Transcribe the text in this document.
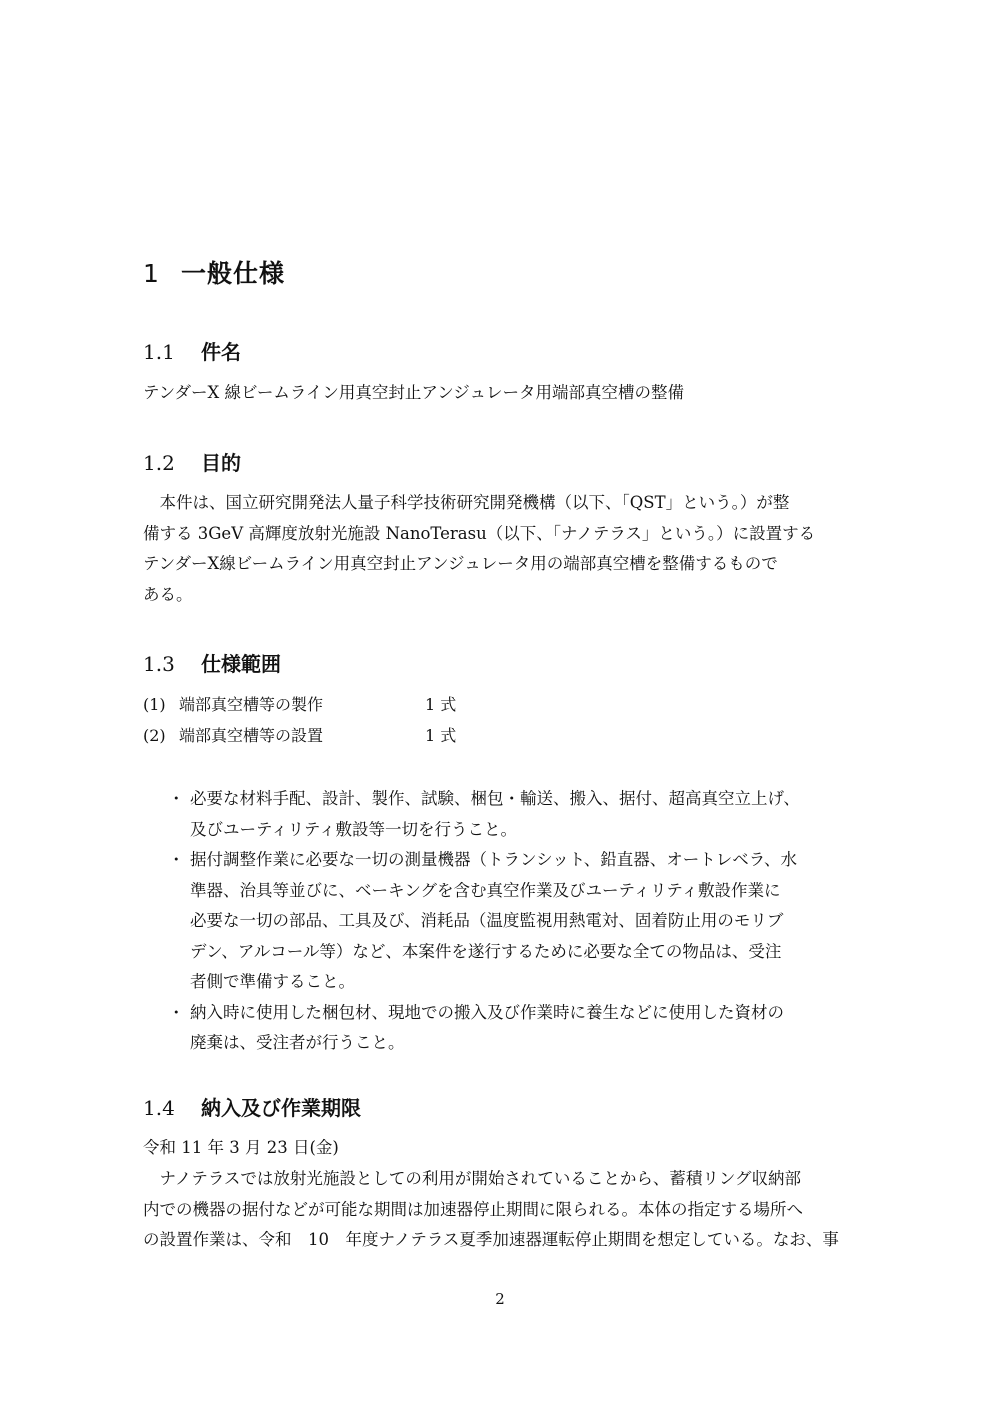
1 一般仕様
1.1 件名
テンダーX 線ビームライン用真空封止アンジュレータ用端部真空槽の整備
1.2 目的
　本件は、国立研究開発法人量子科学技術研究開発機構（以下、「QST」という。）が整
備する 3GeV 高輝度放射光施設 NanoTerasu（以下、「ナノテラス」という。）に設置する
テンダーX線ビームライン用真空封止アンジュレータ用の端部真空槽を整備するもので
ある。
1.3 仕様範囲
(1) 端部真空槽等の製作	1 式
(2) 端部真空槽等の設置	1 式
・ 必要な材料手配、設計、製作、試験、梱包・輸送、搬入、据付、超高真空立上げ、
及びユーティリティ敷設等一切を行うこと。
・ 据付調整作業に必要な一切の測量機器（トランシット、鉛直器、オートレベラ、水
準器、治具等並びに、ベーキングを含む真空作業及びユーティリティ敷設作業に
必要な一切の部品、工具及び、消耗品（温度監視用熱電対、固着防止用のモリブ
デン、アルコール等）など、本案件を遂行するために必要な全ての物品は、受注
者側で準備すること。
・ 納入時に使用した梱包材、現地での搬入及び作業時に養生などに使用した資材の
廃棄は、受注者が行うこと。
1.4 納入及び作業期限
令和 11 年 3 月 23 日(金)
　ナノテラスでは放射光施設としての利用が開始されていることから、蓄積リング収納部
内での機器の据付などが可能な期間は加速器停止期間に限られる。本体の指定する場所へ
の設置作業は、令和　10　年度ナノテラス夏季加速器運転停止期間を想定している。なお、事
2
